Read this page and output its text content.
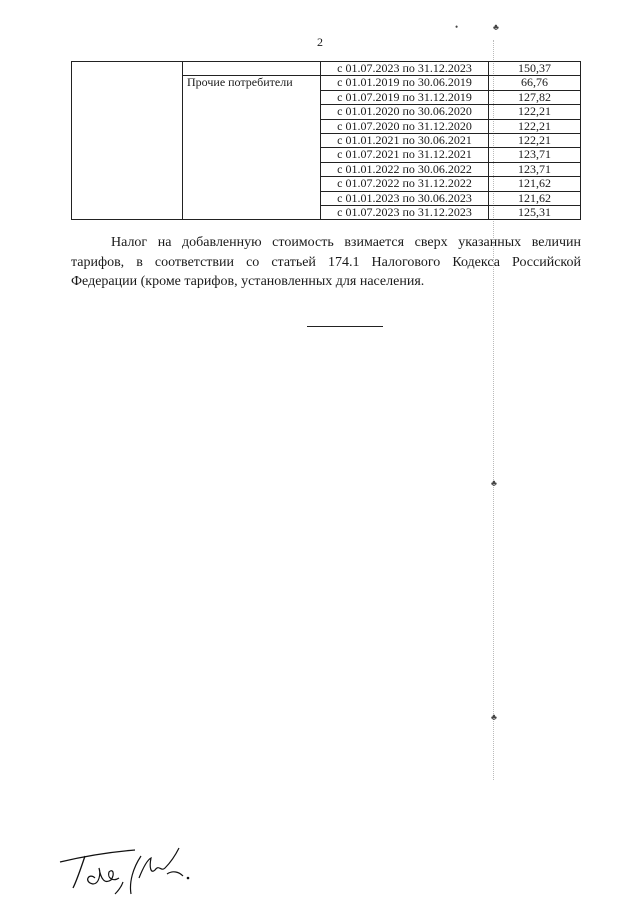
•	♣
♣
♣
2
		с 01.07.2023 по 31.12.2023	150,37
	Прочие потребители	с 01.01.2019 по 30.06.2019	66,76
		с 01.07.2019 по 31.12.2019	127,82
		с 01.01.2020 по 30.06.2020	122,21
		с 01.07.2020 по 31.12.2020	122,21
		с 01.01.2021 по 30.06.2021	122,21
		с 01.07.2021 по 31.12.2021	123,71
		с 01.01.2022 по 30.06.2022	123,71
		с 01.07.2022 по 31.12.2022	121,62
		с 01.01.2023 по 30.06.2023	121,62
		с 01.07.2023 по 31.12.2023	125,31

Налог на добавленную стоимость взимается сверх указанных величин тарифов, в соответствии со статьей 174.1 Налогового Кодекса Российской Федерации (кроме тарифов, установленных для населения.
